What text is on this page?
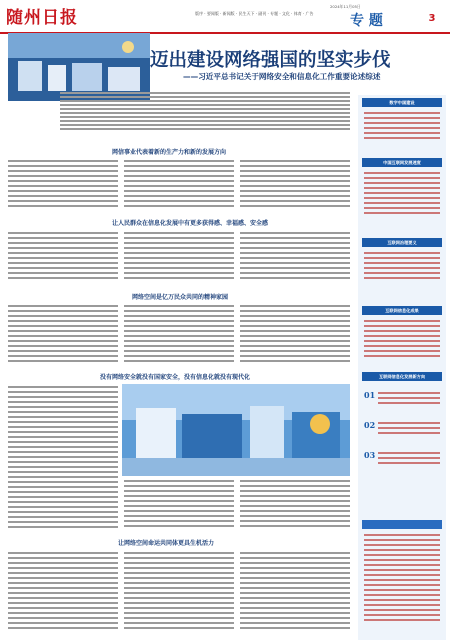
随州日报
2024年11月05日
版序 · 要闻版 · 新闻版 · 民生天下 · 副刊 · 专题 · 文化 · 体育 · 广告	专 题	3
迈出建设网络强国的坚实步伐
——习近平总书记关于网络安全和信息化工作重要论述综述
网信事业代表着新的生产力和新的发展方向
让人民群众在信息化发展中有更多获得感、幸福感、安全感
网络空间是亿万民众共同的精神家园
没有网络安全就没有国家安全，没有信息化就没有现代化
让网络空间命运共同体更具生机活力
数字中国建设
中国互联网发展速度
互联网治理要义
互联网信息化成果
互联网信息化发展新方向
01
02
03
